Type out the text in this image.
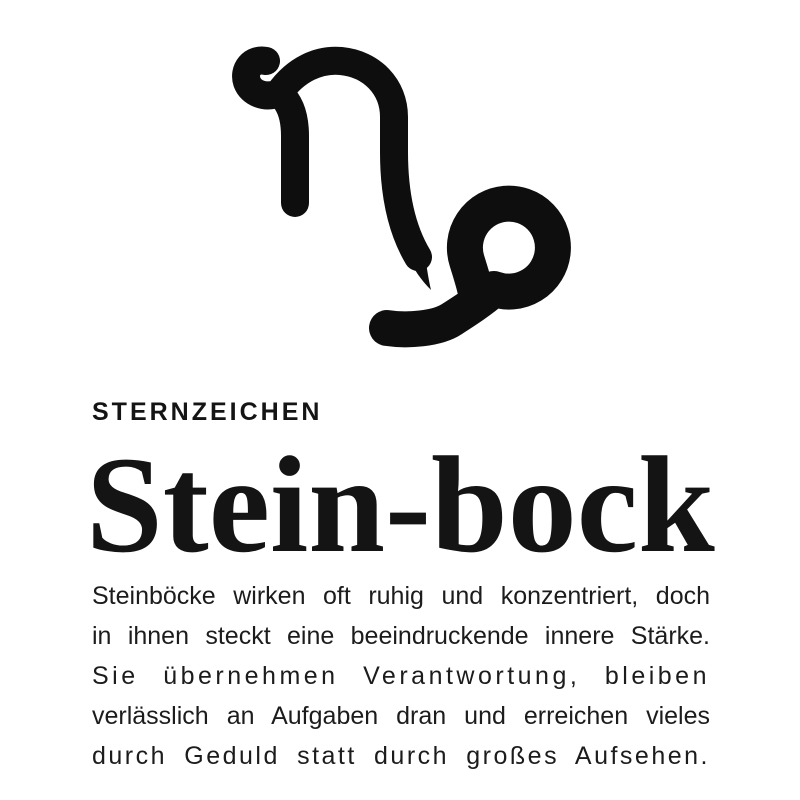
STERNZEICHEN
Stein-bock
Steinböcke wirken oft ruhig und konzentriert, doch
in ihnen steckt eine beeindruckende innere Stärke.
Sie übernehmen Verantwortung, bleiben
verlässlich an Aufgaben dran und erreichen vieles
durch Geduld statt durch großes Aufsehen.
